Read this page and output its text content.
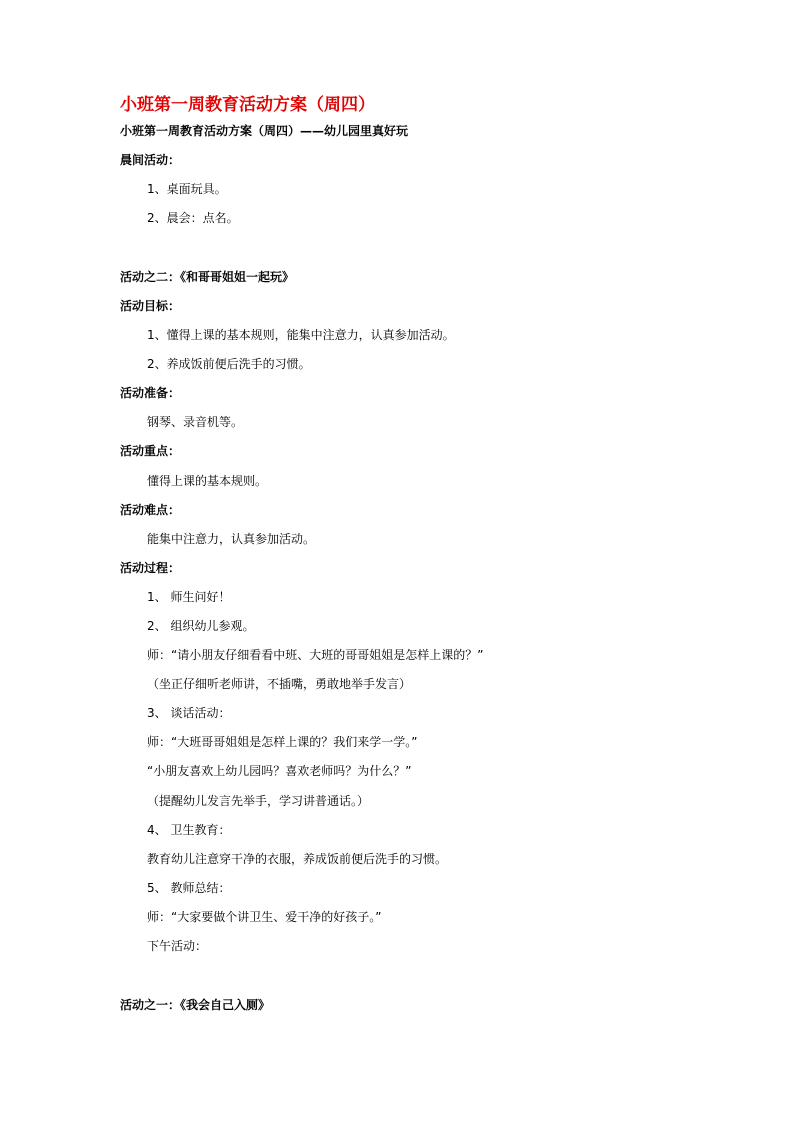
小班第一周教育活动方案（周四）
小班第一周教育活动方案（周四）——幼儿园里真好玩
晨间活动：
1、桌面玩具。
2、晨会：点名。
活动之二：《和哥哥姐姐一起玩》
活动目标：
1、懂得上课的基本规则，能集中注意力，认真参加活动。
2、养成饭前便后洗手的习惯。
活动准备：
钢琴、录音机等。
活动重点：
懂得上课的基本规则。
活动难点：
能集中注意力，认真参加活动。
活动过程：
1、 师生问好！
2、 组织幼儿参观。
师：“请小朋友仔细看看中班、大班的哥哥姐姐是怎样上课的？”
（坐正仔细听老师讲，不插嘴，勇敢地举手发言）
3、 谈话活动：
师：“大班哥哥姐姐是怎样上课的？我们来学一学。”
“小朋友喜欢上幼儿园吗？喜欢老师吗？为什么？”
（提醒幼儿发言先举手，学习讲普通话。）
4、 卫生教育：
教育幼儿注意穿干净的衣服，养成饭前便后洗手的习惯。
5、 教师总结：
师：“大家要做个讲卫生、爱干净的好孩子。”
下午活动：
活动之一：《我会自己入厕》
